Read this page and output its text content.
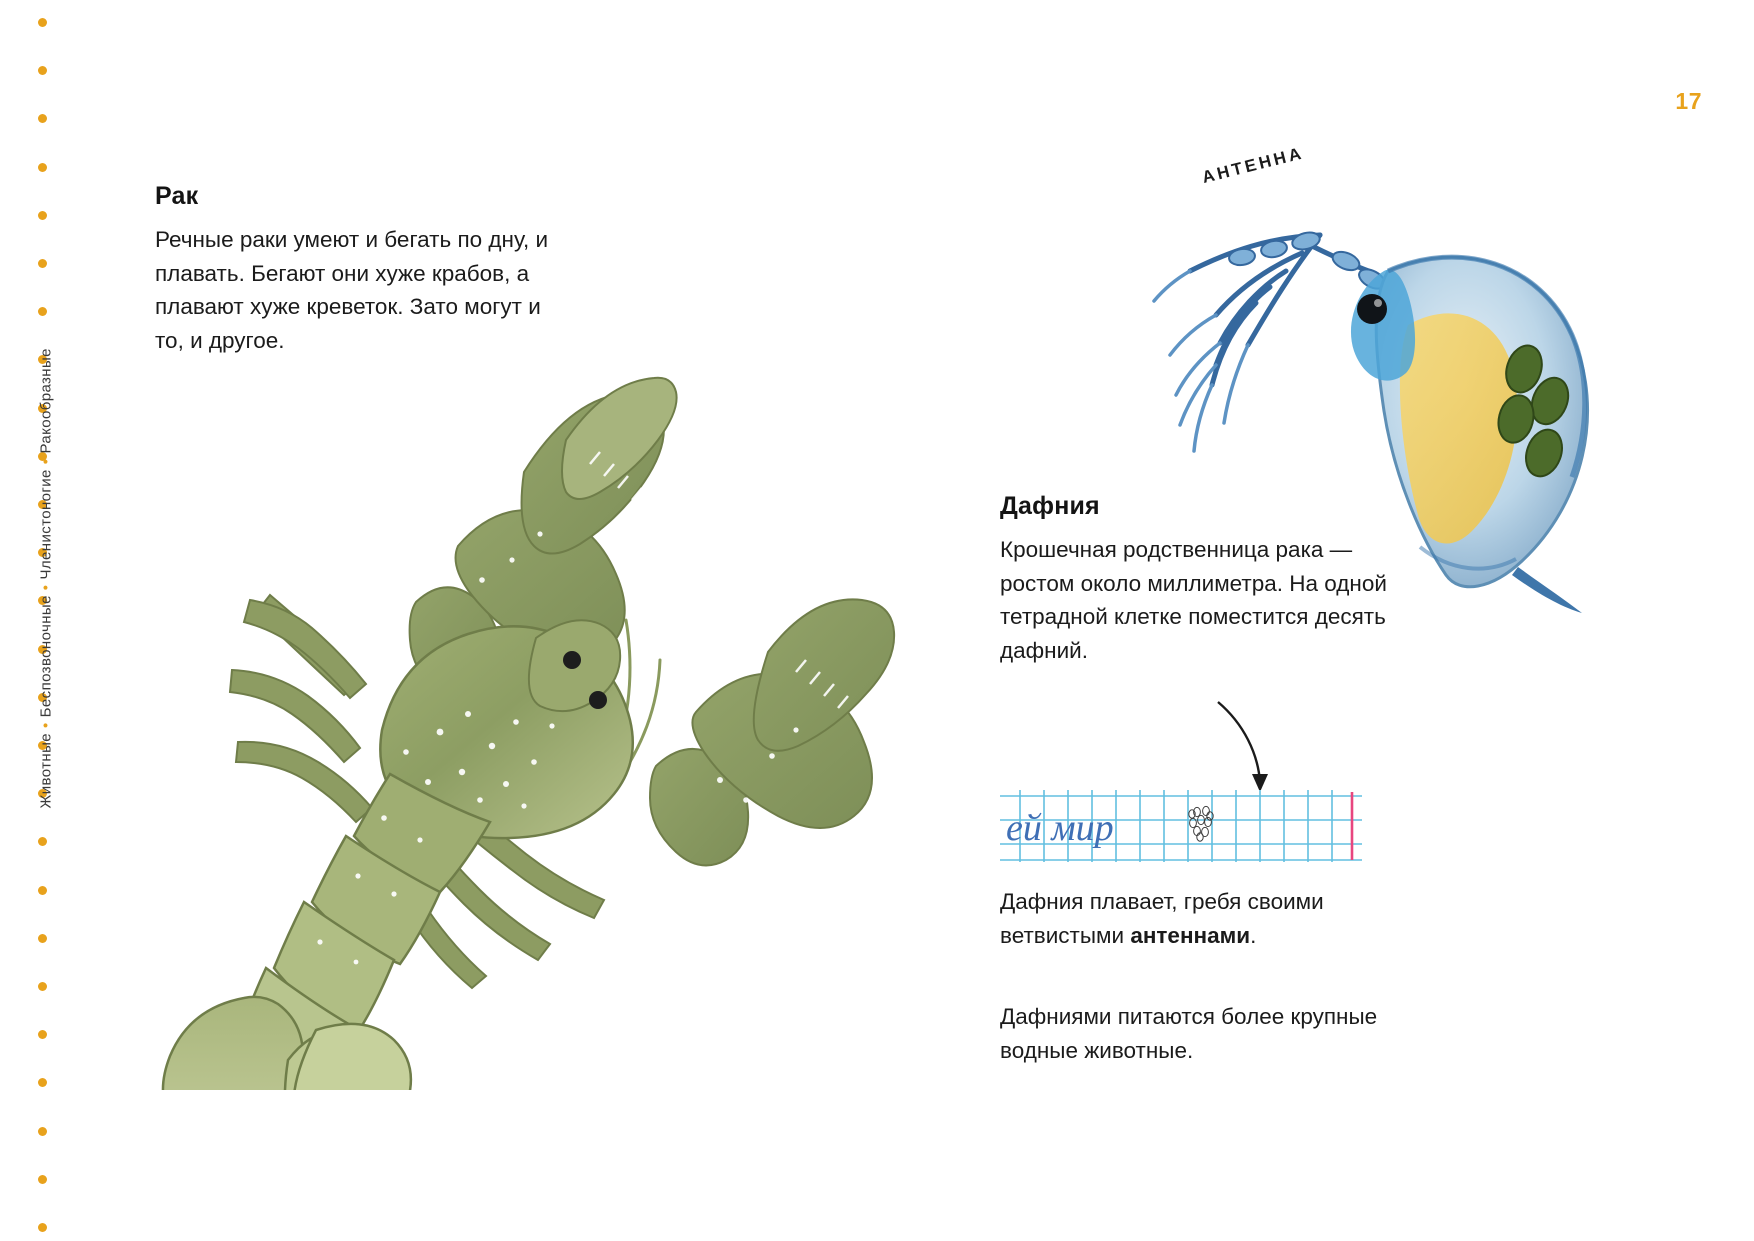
Животные•Беспозвоночные•Членистоногие•Ракообразные
17
Рак

Речные раки умеют и бегать по дну, и плавать. Бегают они хуже крабов, а плавают хуже креветок. Зато могут и то, и другое.

АНТЕННА
Дафния

Крошечная родственница рака — ростом около миллиметра. На одной тетрадной клетке поместится десять дафний.

ей мир

Дафния плавает, гребя своими ветвистыми антеннами.

Дафниями питаются более крупные водные животные.
